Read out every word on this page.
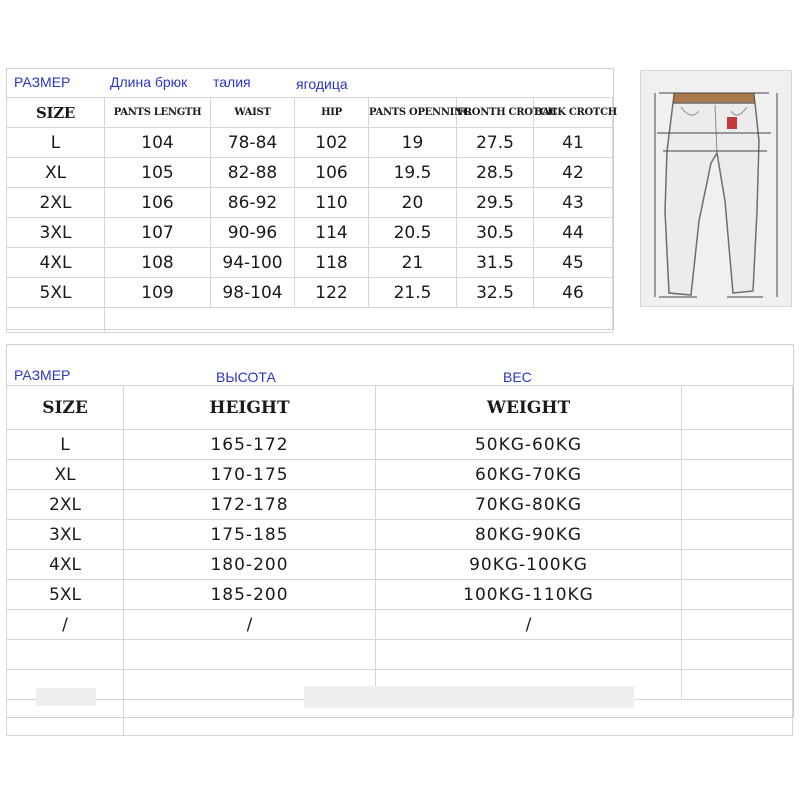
РАЗМЕР	Длина брюк талия	ягодица
SIZE	PANTS LENGTH	WAIST	HIP	PANTS OPENNING	FRONTH CROTCH	BACK CROTCH
L	104	78-84	102	19	27.5	41
XL	105	82-88	106	19.5	28.5	42
2XL	106	86-92	110	20	29.5	43
3XL	107	90-96	114	20.5	30.5	44
4XL	108	94-100	118	21	31.5	45
5XL	109	98-104	122	21.5	32.5	46

РАЗМЕР	ВЫСОТА	ВЕС
SIZE	HEIGHT	WEIGHT	
L	165-172	50KG-60KG	
XL	170-175	60KG-70KG	
2XL	172-178	70KG-80KG	
3XL	175-185	80KG-90KG	
4XL	180-200	90KG-100KG	
5XL	185-200	100KG-110KG	
/	/	/	
